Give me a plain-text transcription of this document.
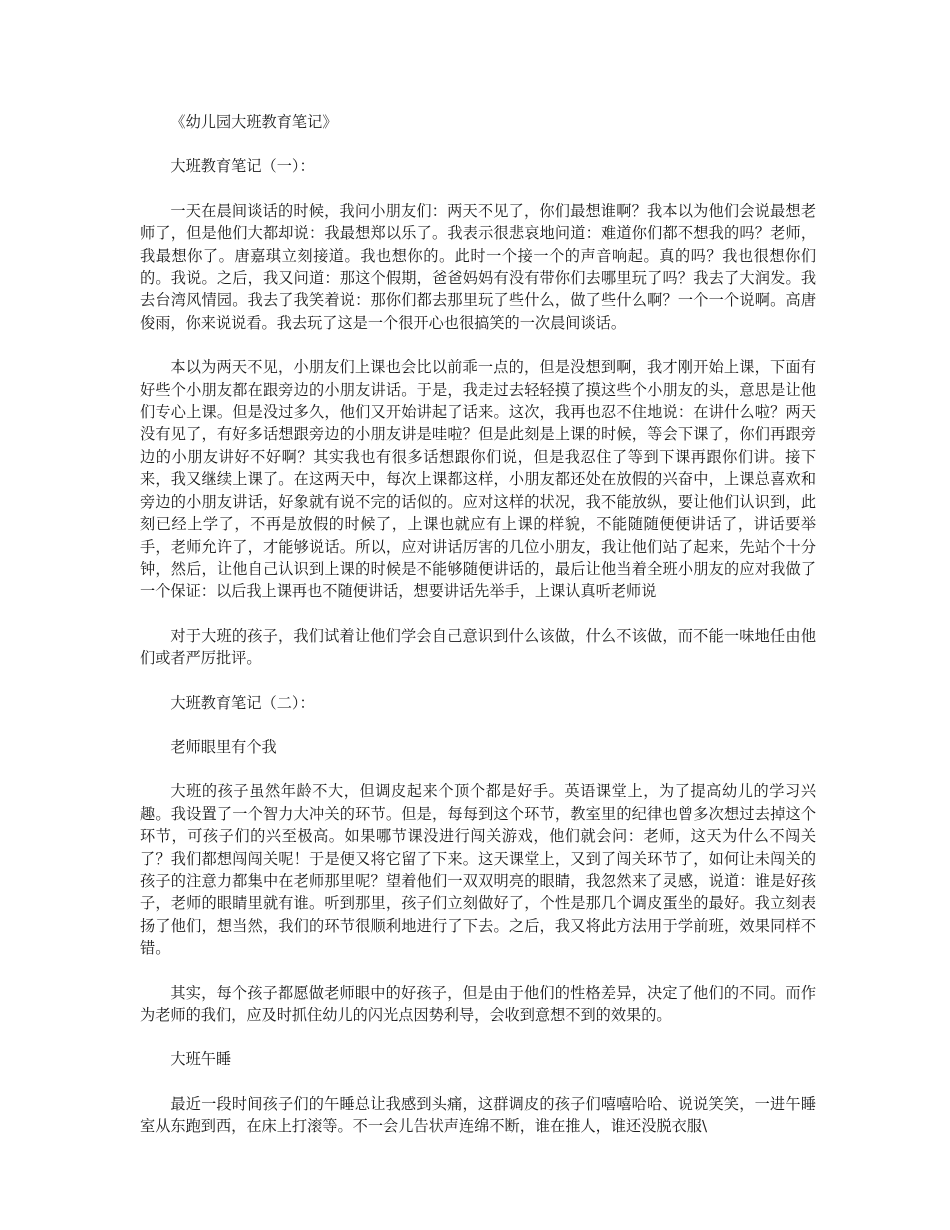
《幼儿园大班教育笔记》

大班教育笔记（一）：

一天在晨间谈话的时候，我问小朋友们：两天不见了，你们最想谁啊？我本以为他们会说最想老师了，但是他们大都却说：我最想郑以乐了。我表示很悲哀地问道：难道你们都不想我的吗？老师，我最想你了。唐嘉琪立刻接道。我也想你的。此时一个接一个的声音响起。真的吗？我也很想你们的。我说。之后，我又问道：那这个假期，爸爸妈妈有没有带你们去哪里玩了吗？我去了大润发。我去台湾风情园。我去了我笑着说：那你们都去那里玩了些什么，做了些什么啊？一个一个说啊。高唐俊雨，你来说说看。我去玩了这是一个很开心也很搞笑的一次晨间谈话。

本以为两天不见，小朋友们上课也会比以前乖一点的，但是没想到啊，我才刚开始上课，下面有好些个小朋友都在跟旁边的小朋友讲话。于是，我走过去轻轻摸了摸这些个小朋友的头，意思是让他们专心上课。但是没过多久，他们又开始讲起了话来。这次，我再也忍不住地说：在讲什么啦？两天没有见了，有好多话想跟旁边的小朋友讲是哇啦？但是此刻是上课的时候，等会下课了，你们再跟旁边的小朋友讲好不好啊？其实我也有很多话想跟你们说，但是我忍住了等到下课再跟你们讲。接下来，我又继续上课了。在这两天中，每次上课都这样，小朋友都还处在放假的兴奋中，上课总喜欢和旁边的小朋友讲话，好象就有说不完的话似的。应对这样的状况，我不能放纵，要让他们认识到，此刻已经上学了，不再是放假的时候了，上课也就应有上课的样貌，不能随随便便讲话了，讲话要举手，老师允许了，才能够说话。所以，应对讲话厉害的几位小朋友，我让他们站了起来，先站个十分钟，然后，让他自己认识到上课的时候是不能够随便讲话的，最后让他当着全班小朋友的应对我做了一个保证：以后我上课再也不随便讲话，想要讲话先举手，上课认真听老师说

对于大班的孩子，我们试着让他们学会自己意识到什么该做，什么不该做，而不能一味地任由他们或者严厉批评。

大班教育笔记（二）：

老师眼里有个我

大班的孩子虽然年龄不大，但调皮起来个顶个都是好手。英语课堂上，为了提高幼儿的学习兴趣。我设置了一个智力大冲关的环节。但是，每每到这个环节，教室里的纪律也曾多次想过去掉这个环节，可孩子们的兴至极高。如果哪节课没进行闯关游戏，他们就会问：老师，这天为什么不闯关了？我们都想闯闯关呢！于是便又将它留了下来。这天课堂上，又到了闯关环节了，如何让未闯关的孩子的注意力都集中在老师那里呢？望着他们一双双明亮的眼睛，我忽然来了灵感，说道：谁是好孩子，老师的眼睛里就有谁。听到那里，孩子们立刻做好了，个性是那几个调皮蛋坐的最好。我立刻表扬了他们，想当然，我们的环节很顺利地进行了下去。之后，我又将此方法用于学前班，效果同样不错。

其实，每个孩子都愿做老师眼中的好孩子，但是由于他们的性格差异，决定了他们的不同。而作为老师的我们，应及时抓住幼儿的闪光点因势利导，会收到意想不到的效果的。

大班午睡

最近一段时间孩子们的午睡总让我感到头痛，这群调皮的孩子们嘻嘻哈哈、说说笑笑，一进午睡室从东跑到西，在床上打滚等。不一会儿告状声连绵不断，谁在推人，谁还没脱衣服\
